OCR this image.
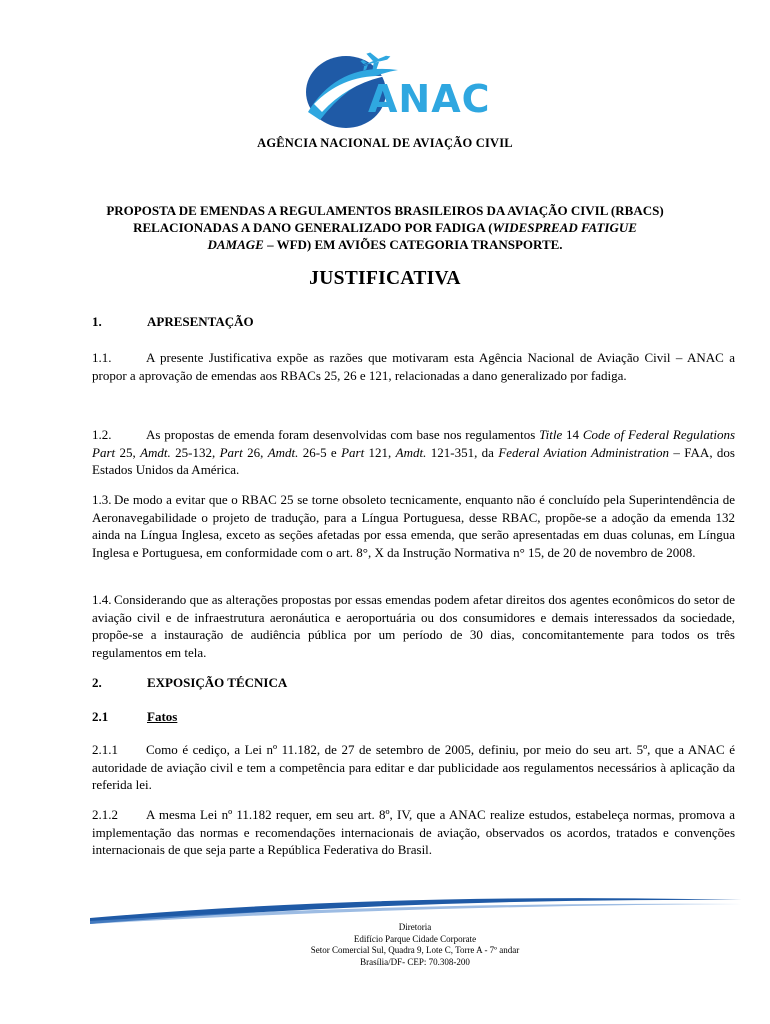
ANAC
AGÊNCIA NACIONAL DE AVIAÇÃO CIVIL
PROPOSTA DE EMENDAS A REGULAMENTOS BRASILEIROS DA AVIAÇÃO CIVIL (RBACS)
RELACIONADAS A DANO GENERALIZADO POR FADIGA (WIDESPREAD FATIGUE
DAMAGE – WFD) EM AVIÕES CATEGORIA TRANSPORTE.
JUSTIFICATIVA
1.	APRESENTAÇÃO
1.1.	A presente Justificativa expõe as razões que motivaram esta Agência Nacional de Aviação Civil – ANAC a propor a aprovação de emendas aos RBACs 25, 26 e 121, relacionadas a dano generalizado por fadiga.
1.2.	As propostas de emenda foram desenvolvidas com base nos regulamentos Title 14 Code of Federal Regulations Part 25, Amdt. 25-132, Part 26, Amdt. 26-5 e Part 121, Amdt. 121-351, da Federal Aviation Administration – FAA, dos Estados Unidos da América.
1.3. De modo a evitar que o RBAC 25 se torne obsoleto tecnicamente, enquanto não é concluído pela Superintendência de Aeronavegabilidade o projeto de tradução, para a Língua Portuguesa, desse RBAC, propõe-se a adoção da emenda 132 ainda na Língua Inglesa, exceto as seções afetadas por essa emenda, que serão apresentadas em duas colunas, em Língua Inglesa e Portuguesa, em conformidade com o art. 8°, X da Instrução Normativa n° 15, de 20 de novembro de 2008.
1.4. Considerando que as alterações propostas por essas emendas podem afetar direitos dos agentes econômicos do setor de aviação civil e de infraestrutura aeronáutica e aeroportuária ou dos consumidores e demais interessados da sociedade, propõe-se a instauração de audiência pública por um período de 30 dias, concomitantemente para todos os três regulamentos em tela.
2.	EXPOSIÇÃO TÉCNICA
2.1	Fatos
2.1.1 Como é cediço, a Lei nº 11.182, de 27 de setembro de 2005, definiu, por meio do seu art. 5º, que a ANAC é autoridade de aviação civil e tem a competência para editar e dar publicidade aos regulamentos necessários à aplicação da referida lei.
2.1.2 A mesma Lei nº 11.182 requer, em seu art. 8º, IV, que a ANAC realize estudos, estabeleça normas, promova a implementação das normas e recomendações internacionais de aviação, observados os acordos, tratados e convenções internacionais de que seja parte a República Federativa do Brasil.
Diretoria
Edifício Parque Cidade Corporate
Setor Comercial Sul, Quadra 9, Lote C, Torre A - 7º andar
Brasília/DF- CEP: 70.308-200
